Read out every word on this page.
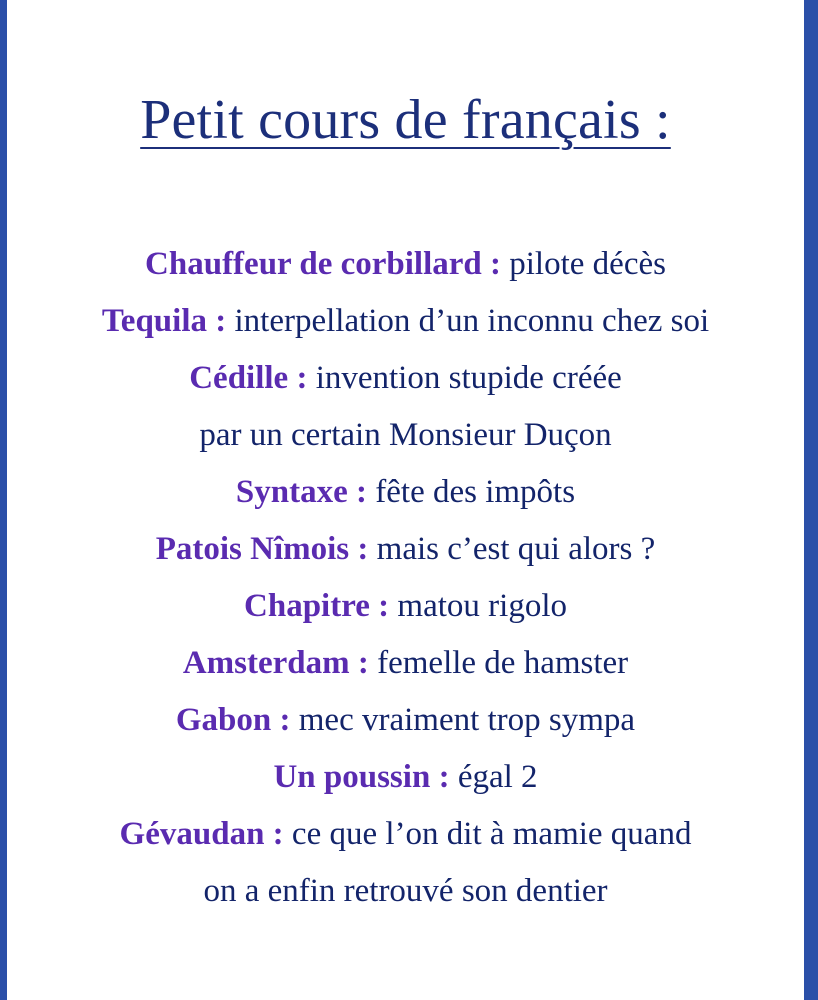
Petit cours de français :
Chauffeur de corbillard : pilote décès
Tequila : interpellation d’un inconnu chez soi
Cédille : invention stupide créée
par un certain Monsieur Duçon
Syntaxe : fête des impôts
Patois Nîmois : mais c’est qui alors ?
Chapitre : matou rigolo
Amsterdam : femelle de hamster
Gabon : mec vraiment trop sympa
Un poussin : égal 2
Gévaudan : ce que l’on dit à mamie quand
on a enfin retrouvé son dentier
